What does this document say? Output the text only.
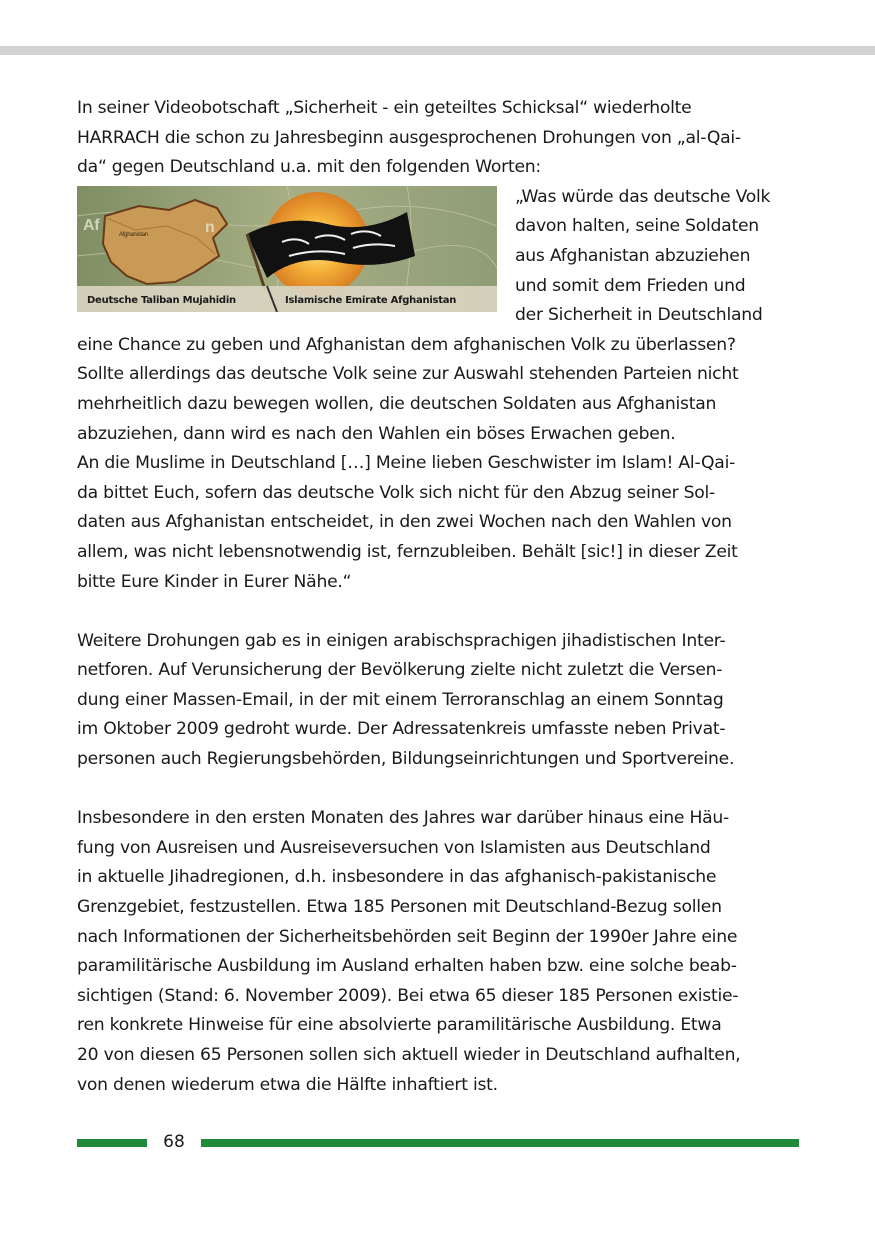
In seiner Videobotschaft „Sicherheit - ein geteiltes Schicksal“ wiederholte
HARRACH die schon zu Jahresbeginn ausgesprochenen Drohungen von „al-Qai-
da“ gegen Deutschland u.a. mit den folgenden Worten:
Af	n
Afghanistan
Deutsche Taliban Mujahidin	Islamische Emirate Afghanistan
„Was würde das deutsche Volk
davon halten, seine Soldaten
aus Afghanistan abzuziehen
und somit dem Frieden und
der Sicherheit in Deutschland
eine Chance zu geben und Afghanistan dem afghanischen Volk zu überlassen?
Sollte allerdings das deutsche Volk seine zur Auswahl stehenden Parteien nicht
mehrheitlich dazu bewegen wollen, die deutschen Soldaten aus Afghanistan
abzuziehen, dann wird es nach den Wahlen ein böses Erwachen geben.
An die Muslime in Deutschland […] Meine lieben Geschwister im Islam! Al-Qai-
da bittet Euch, sofern das deutsche Volk sich nicht für den Abzug seiner Sol-
daten aus Afghanistan entscheidet, in den zwei Wochen nach den Wahlen von
allem, was nicht lebensnotwendig ist, fernzubleiben. Behält [sic!] in dieser Zeit
bitte Eure Kinder in Eurer Nähe.“
Weitere Drohungen gab es in einigen arabischsprachigen jihadistischen Inter-
netforen. Auf Verunsicherung der Bevölkerung zielte nicht zuletzt die Versen-
dung einer Massen-Email, in der mit einem Terroranschlag an einem Sonntag
im Oktober 2009 gedroht wurde. Der Adressatenkreis umfasste neben Privat-
personen auch Regierungsbehörden, Bildungseinrichtungen und Sportvereine.
Insbesondere in den ersten Monaten des Jahres war darüber hinaus eine Häu-
fung von Ausreisen und Ausreiseversuchen von Islamisten aus Deutschland
in aktuelle Jihadregionen, d.h. insbesondere in das afghanisch-pakistanische
Grenzgebiet, festzustellen. Etwa 185 Personen mit Deutschland-Bezug sollen
nach Informationen der Sicherheitsbehörden seit Beginn der 1990er Jahre eine
paramilitärische Ausbildung im Ausland erhalten haben bzw. eine solche beab-
sichtigen (Stand: 6. November 2009). Bei etwa 65 dieser 185 Personen existie-
ren konkrete Hinweise für eine absolvierte paramilitärische Ausbildung. Etwa
20 von diesen 65 Personen sollen sich aktuell wieder in Deutschland aufhalten,
von denen wiederum etwa die Hälfte inhaftiert ist.
68
